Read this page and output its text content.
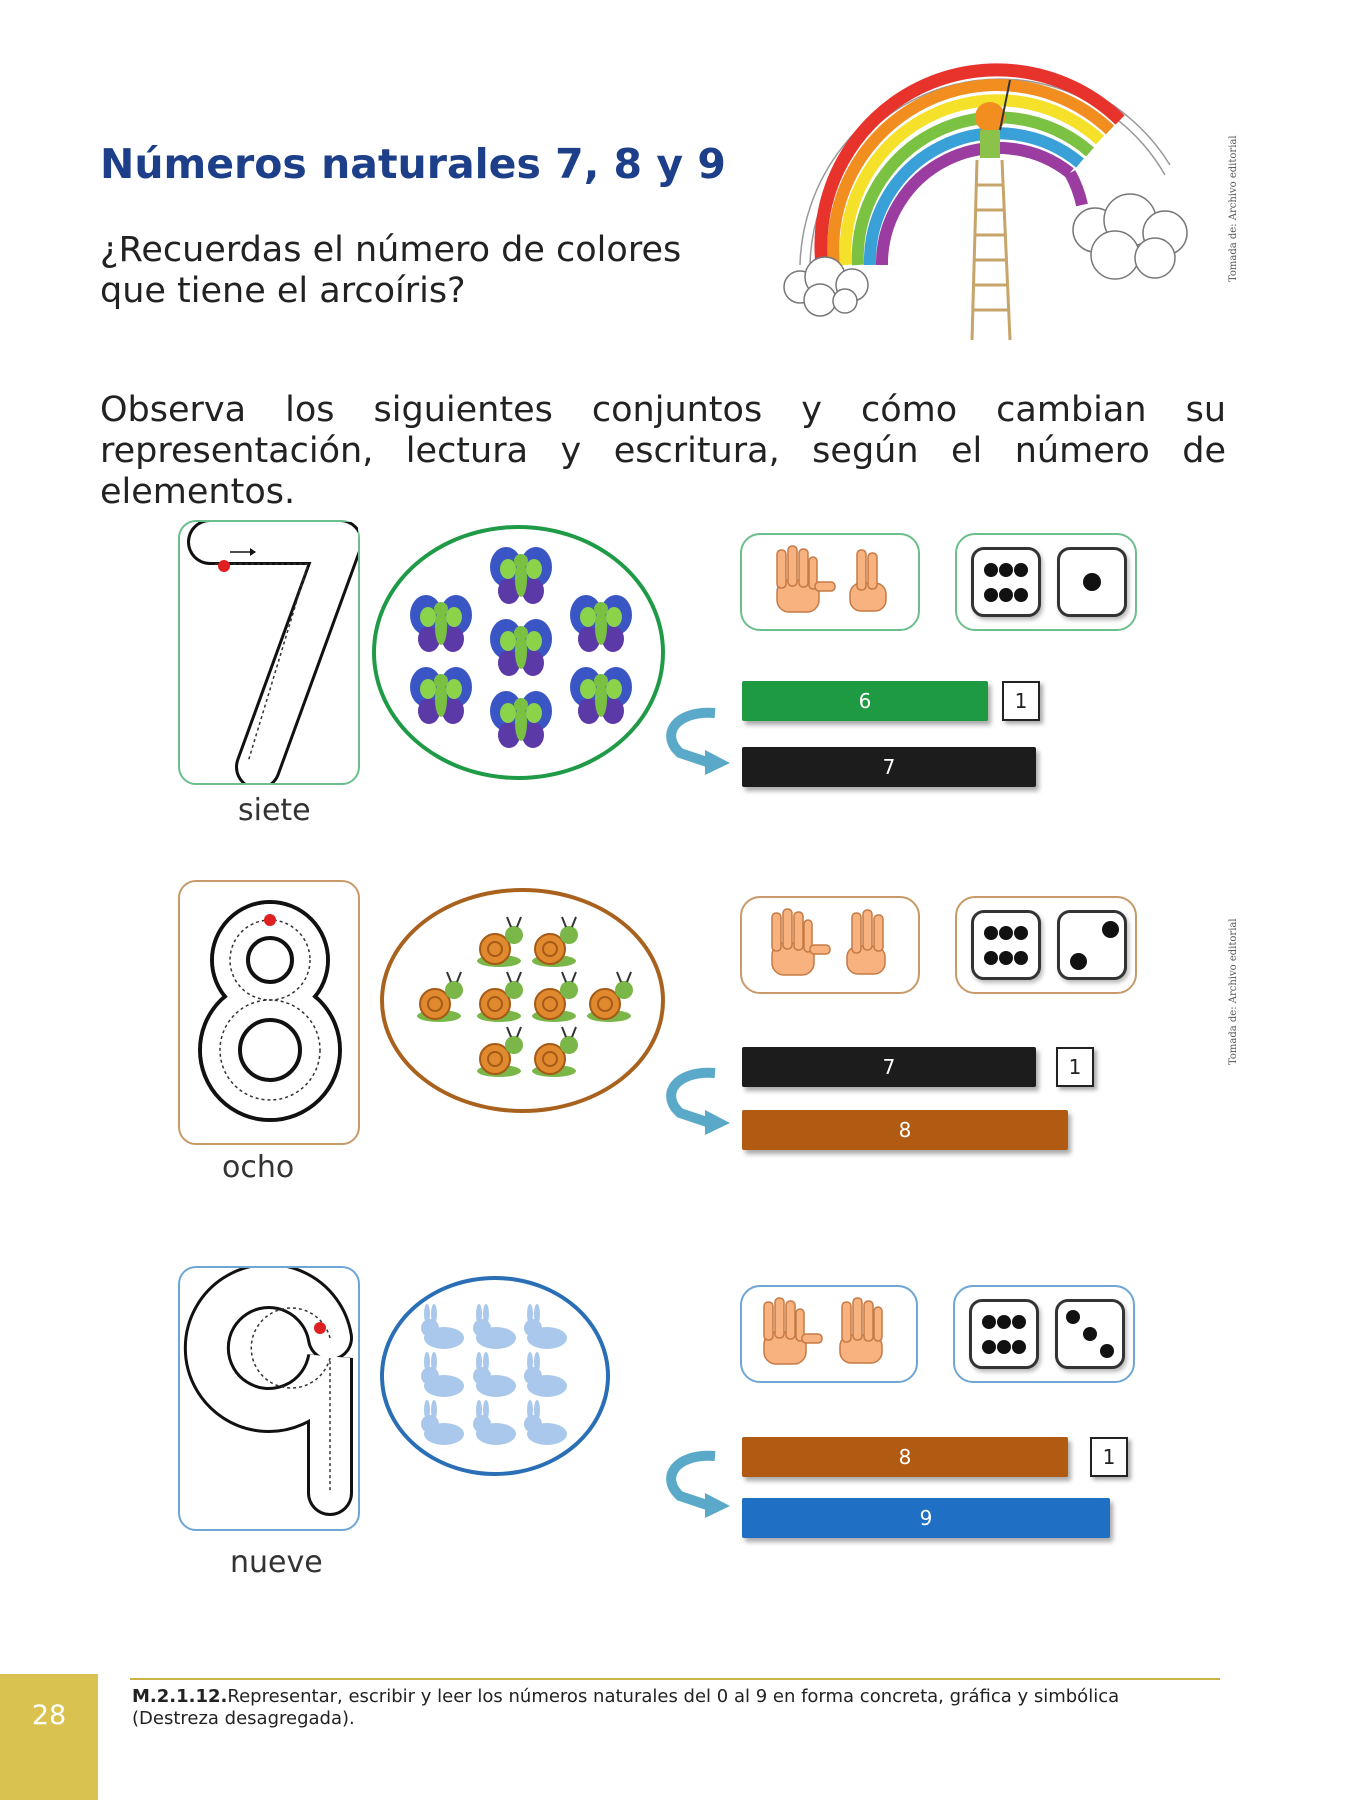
Números naturales 7, 8 y 9
¿Recuerdas el número de colores que tiene el arcoíris?
Tomada de: Archivo editorial
Observa los siguientes conjuntos y cómo cambian su representación, lectura y escritura, según el número de elementos.
siete
6	1
7
ocho
7	1
8
nueve
8	1
9
Tomada de: Archivo editorial
M.2.1.12.Representar, escribir y leer los números naturales del 0 al 9 en forma concreta, gráfica y simbólica (Destreza desagregada).
28
